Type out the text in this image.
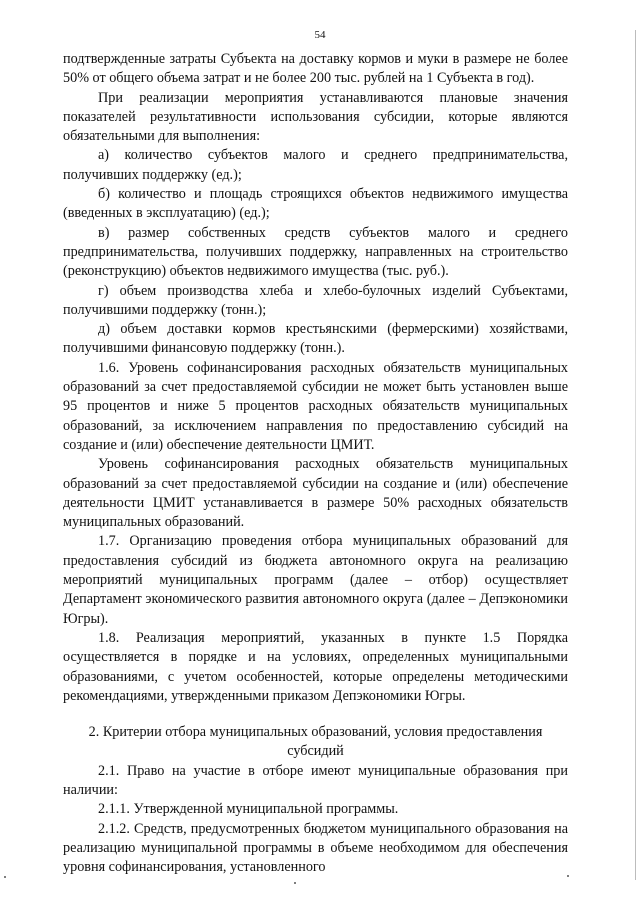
54

подтвержденные затраты Субъекта на доставку кормов и муки в размере не более 50% от общего объема затрат и не более 200 тыс. рублей на 1 Субъекта в год).

При реализации мероприятия устанавливаются плановые значения показателей результативности использования субсидии, которые являются обязательными для выполнения:

а) количество субъектов малого и среднего предпринимательства, получивших поддержку (ед.);

б) количество и площадь строящихся объектов недвижимого имущества (введенных в эксплуатацию) (ед.);

в) размер собственных средств субъектов малого и среднего предпринимательства, получивших поддержку, направленных на строительство (реконструкцию) объектов недвижимого имущества (тыс. руб.).

г) объем производства хлеба и хлебо-булочных изделий Субъектами, получившими поддержку (тонн.);

д) объем доставки кормов крестьянскими (фермерскими) хозяйствами, получившими финансовую поддержку (тонн.).

1.6. Уровень софинансирования расходных обязательств муниципальных образований за счет предоставляемой субсидии не может быть установлен выше 95 процентов и ниже 5 процентов расходных обязательств муниципальных образований, за исключением направления по предоставлению субсидий на создание и (или) обеспечение деятельности ЦМИТ.

Уровень софинансирования расходных обязательств муниципальных образований за счет предоставляемой субсидии на создание и (или) обеспечение деятельности ЦМИТ устанавливается в размере 50% расходных обязательств муниципальных образований.

1.7. Организацию проведения отбора муниципальных образований для предоставления субсидий из бюджета автономного округа на реализацию мероприятий муниципальных программ (далее – отбор) осуществляет Департамент экономического развития автономного округа (далее – Депэкономики Югры).

1.8. Реализация мероприятий, указанных в пункте 1.5 Порядка осуществляется в порядке и на условиях, определенных муниципальными образованиями, с учетом особенностей, которые определены методическими рекомендациями, утвержденными приказом Депэкономики Югры.

2. Критерии отбора муниципальных образований, условия предоставления субсидий

2.1. Право на участие в отборе имеют муниципальные образования при наличии:

2.1.1. Утвержденной муниципальной программы.

2.1.2. Средств, предусмотренных бюджетом муниципального образования на реализацию муниципальной программы в объеме необходимом для обеспечения уровня софинансирования, установленного
